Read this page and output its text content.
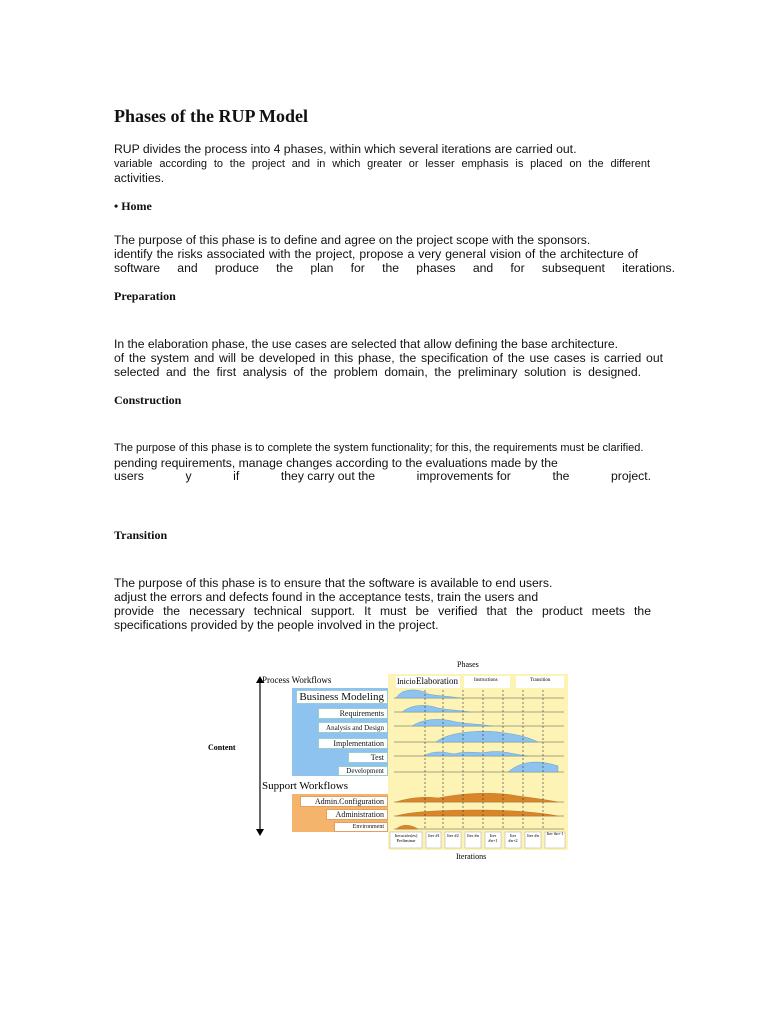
Phases of the RUP Model
RUP divides the process into 4 phases, within which several iterations are carried out.
variable according to the project and in which greater or lesser emphasis is placed on the different
activities.
• Home
The purpose of this phase is to define and agree on the project scope with the sponsors.
identify the risks associated with the project, propose a very general vision of the architecture of
software and produce the plan for the phases and for subsequent iterations.
Preparation
In the elaboration phase, the use cases are selected that allow defining the base architecture.
of the system and will be developed in this phase, the specification of the use cases is carried out
selected and the first analysis of the problem domain, the preliminary solution is designed.
Construction
The purpose of this phase is to complete the system functionality; for this, the requirements must be clarified.
pending requirements, manage changes according to the evaluations made by the
users	y	if	they carry out the	improvements for	the	project.
Transition
The purpose of this phase is to ensure that the software is available to end users.
adjust the errors and defects found in the acceptance tests, train the users and
provide the necessary technical support. It must be verified that the product meets the
specifications provided by the people involved in the project.
Phases
Content
Process Workflows
Business Modeling
Requirements
Analysis and Design
Implementation
Test
Development
Support Workflows
Admin.Configuration
Administration
Environment
Inicio Elaboration	Instructions	Transition
Iteración(es) Preliminar
Iter #1 Iter #2 Iter #n	Iter #n+1
Iter #n+2
Iter #n	Iter #n+1
Iterations
